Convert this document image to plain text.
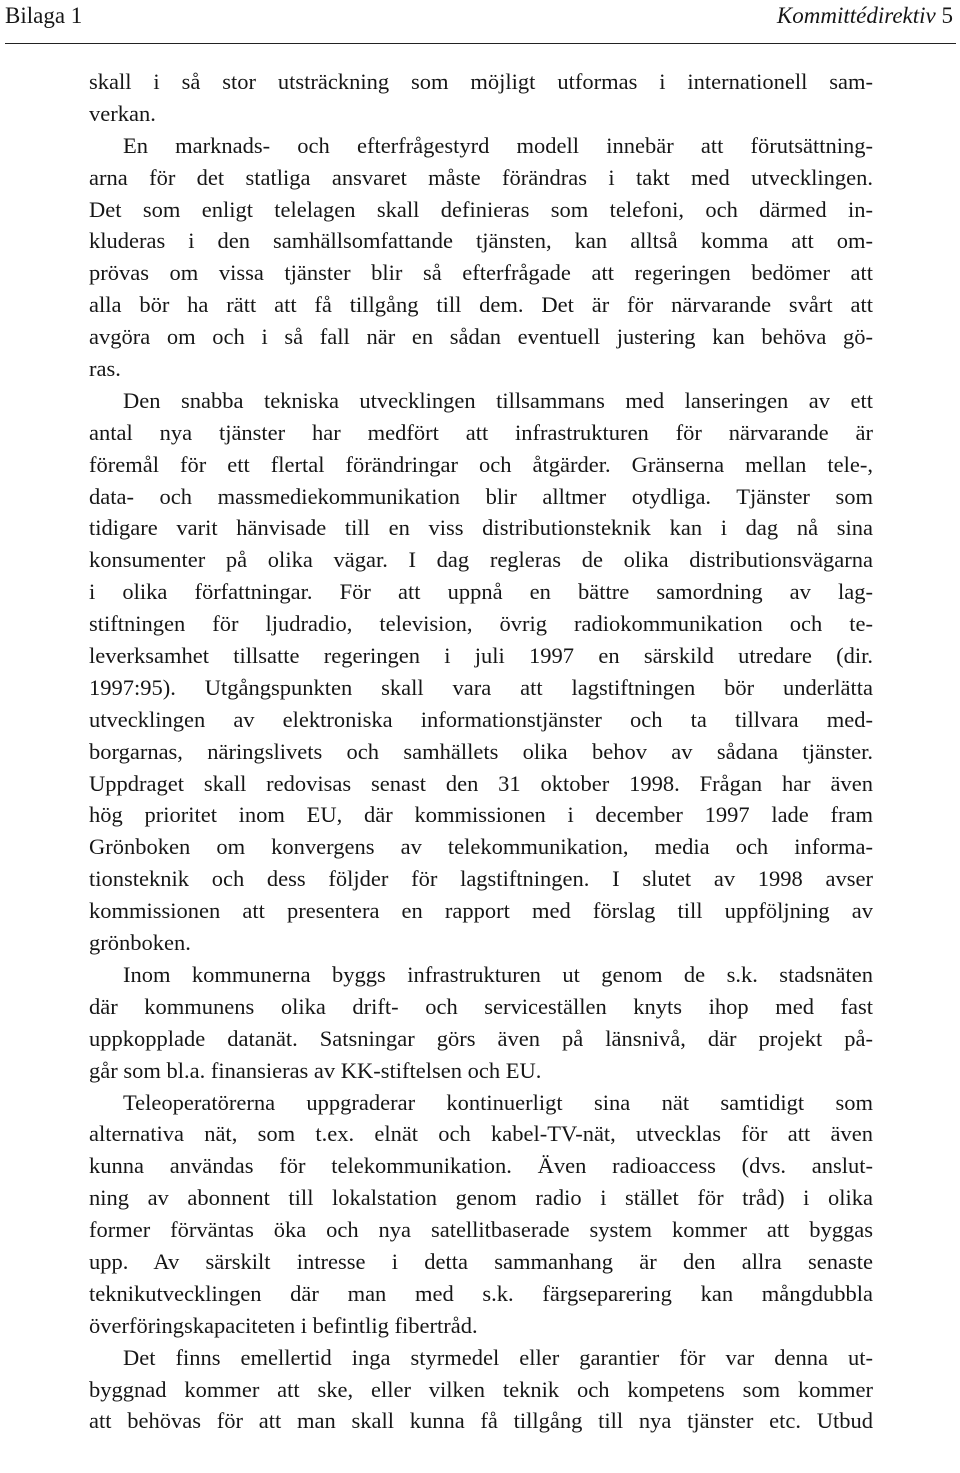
Bilaga 1	Kommittédirektiv 5
skall i så stor utsträckning som möjligt utformas i internationell sam-
verkan.
En marknads- och efterfrågestyrd modell innebär att förutsättning-
arna för det statliga ansvaret måste förändras i takt med utvecklingen.
Det som enligt telelagen skall definieras som telefoni, och därmed in-
kluderas i den samhällsomfattande tjänsten, kan alltså komma att om-
prövas om vissa tjänster blir så efterfrågade att regeringen bedömer att
alla bör ha rätt att få tillgång till dem. Det är för närvarande svårt att
avgöra om och i så fall när en sådan eventuell justering kan behöva gö-
ras.
Den snabba tekniska utvecklingen tillsammans med lanseringen av ett
antal nya tjänster har medfört att infrastrukturen för närvarande är
föremål för ett flertal förändringar och åtgärder. Gränserna mellan tele-,
data- och massmediekommunikation blir alltmer otydliga. Tjänster som
tidigare varit hänvisade till en viss distributionsteknik kan i dag nå sina
konsumenter på olika vägar. I dag regleras de olika distributionsvägarna
i olika författningar. För att uppnå en bättre samordning av lag-
stiftningen för ljudradio, television, övrig radiokommunikation och te-
leverksamhet tillsatte regeringen i juli 1997 en särskild utredare (dir.
1997:95). Utgångspunkten skall vara att lagstiftningen bör underlätta
utvecklingen av elektroniska informationstjänster och ta tillvara med-
borgarnas, näringslivets och samhällets olika behov av sådana tjänster.
Uppdraget skall redovisas senast den 31 oktober 1998. Frågan har även
hög prioritet inom EU, där kommissionen i december 1997 lade fram
Grönboken om konvergens av telekommunikation, media och informa-
tionsteknik och dess följder för lagstiftningen. I slutet av 1998 avser
kommissionen att presentera en rapport med förslag till uppföljning av
grönboken.
Inom kommunerna byggs infrastrukturen ut genom de s.k. stadsnäten
där kommunens olika drift- och serviceställen knyts ihop med fast
uppkopplade datanät. Satsningar görs även på länsnivå, där projekt på-
går som bl.a. finansieras av KK-stiftelsen och EU.
Teleoperatörerna uppgraderar kontinuerligt sina nät samtidigt som
alternativa nät, som t.ex. elnät och kabel-TV-nät, utvecklas för att även
kunna användas för telekommunikation. Även radioaccess (dvs. anslut-
ning av abonnent till lokalstation genom radio i stället för tråd) i olika
former förväntas öka och nya satellitbaserade system kommer att byggas
upp. Av särskilt intresse i detta sammanhang är den allra senaste
teknikutvecklingen där man med s.k. färgseparering kan mångdubbla
överföringskapaciteten i befintlig fibertråd.
Det finns emellertid inga styrmedel eller garantier för var denna ut-
byggnad kommer att ske, eller vilken teknik och kompetens som kommer
att behövas för att man skall kunna få tillgång till nya tjänster etc. Utbud
